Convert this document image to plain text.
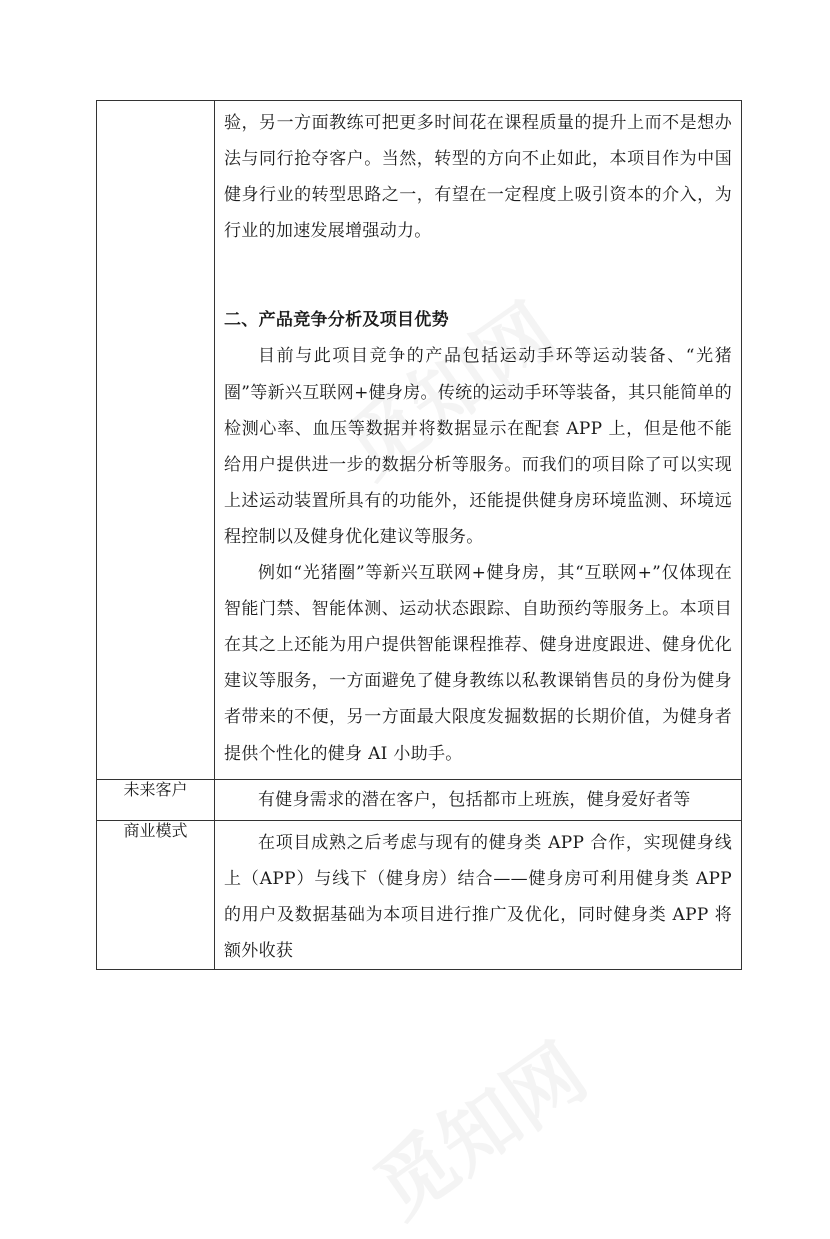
	验，另一方面教练可把更多时间花在课程质量的提升上而不是想办法与同行抢夺客户。当然，转型的方向不止如此，本项目作为中国健身行业的转型思路之一，有望在一定程度上吸引资本的介入，为行业的加速发展增强动力。

二、产品竞争分析及项目优势

目前与此项目竞争的产品包括运动手环等运动装备、“光猪圈”等新兴互联网+健身房。传统的运动手环等装备，其只能简单的检测心率、血压等数据并将数据显示在配套 APP 上，但是他不能给用户提供进一步的数据分析等服务。而我们的项目除了可以实现上述运动装置所具有的功能外，还能提供健身房环境监测、环境远程控制以及健身优化建议等服务。

例如“光猪圈”等新兴互联网+健身房，其“互联网+”仅体现在智能门禁、智能体测、运动状态跟踪、自助预约等服务上。本项目在其之上还能为用户提供智能课程推荐、健身进度跟进、健身优化建议等服务，一方面避免了健身教练以私教课销售员的身份为健身者带来的不便，另一方面最大限度发掘数据的长期价值，为健身者提供个性化的健身 AI 小助手。

未来客户	有健身需求的潜在客户，包括都市上班族，健身爱好者等

商业模式	在项目成熟之后考虑与现有的健身类 APP 合作，实现健身线上（APP）与线下（健身房）结合——健身房可利用健身类 APP 的用户及数据基础为本项目进行推广及优化，同时健身类 APP 将额外收获
